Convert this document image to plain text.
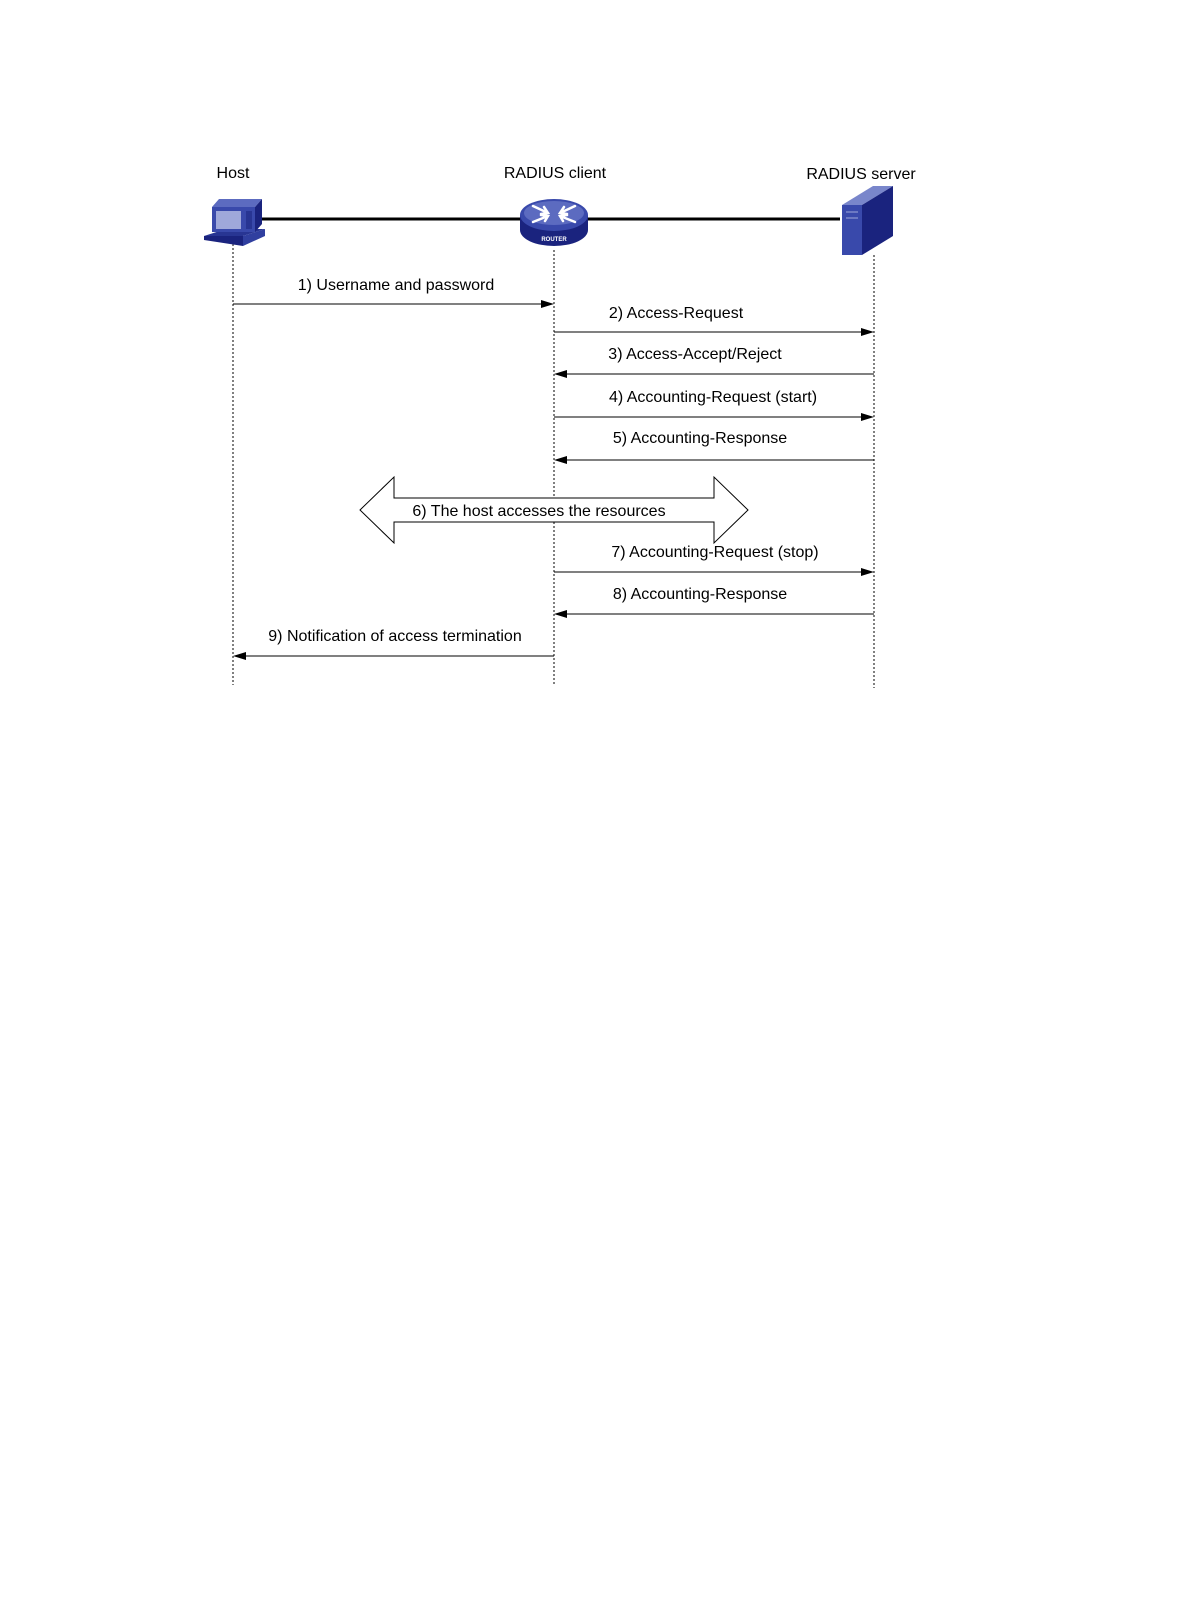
Host	RADIUS client	RADIUS server
ROUTER
1) Username and password
2) Access-Request
3) Access-Accept/Reject
4) Accounting-Request (start)
5) Accounting-Response
6) The host accesses the resources
7) Accounting-Request (stop)
8) Accounting-Response
9) Notification of access termination
